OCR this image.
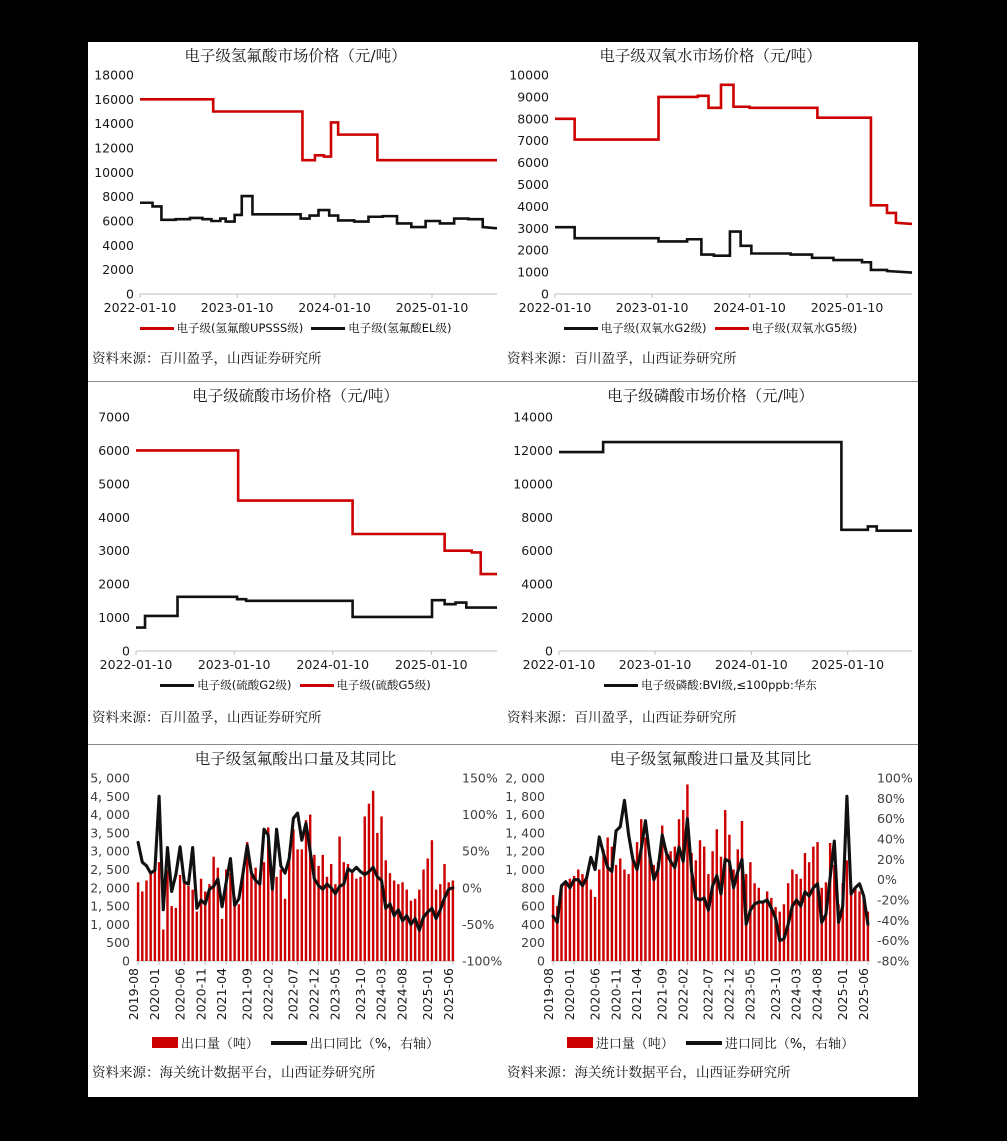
电子级氢氟酸市场价格（元/吨）
0
2000
4000
6000
8000
10000
12000
14000
16000
18000
2022-01-10 2023-01-10 2024-01-10 2025-01-10
电子级(氢氟酸UPSSS级)	电子级(氢氟酸EL级)
资料来源：百川盈孚，山西证券研究所
电子级双氧水市场价格（元/吨）
0
1000
2000
3000
4000
5000
6000
7000
8000
9000
10000
2022-01-10 2023-01-10 2024-01-10 2025-01-10
电子级(双氧水G2级)	电子级(双氧水G5级)
资料来源：百川盈孚，山西证券研究所
电子级硫酸市场价格（元/吨）
0
1000
2000
3000
4000
5000
6000
7000
2022-01-10 2023-01-10 2024-01-10 2025-01-10
电子级(硫酸G2级)	电子级(硫酸G5级)
资料来源：百川盈孚，山西证券研究所
电子级磷酸市场价格（元/吨）
0
2000
4000
6000
8000
10000
12000
14000
2022-01-10 2023-01-10 2024-01-10 2025-01-10
电子级磷酸:BVI级,≤100ppb:华东
资料来源：百川盈孚，山西证券研究所
电子级氢氟酸出口量及其同比
0
500
1, 000
1, 500
2, 000
2, 500
3, 000
3, 500
4, 000
4, 500
5, 000
-100%
-50%
0%
50%
100%
150%
2019-08 2020-01 2020-06 2020-11 2021-04 2021-09 2022-02 2022-07 2022-12 2023-05 2023-10 2024-03 2024-08 2025-01 2025-06
出口量（吨）	出口同比（%，右轴）
资料来源：海关统计数据平台，山西证券研究所
电子级氢氟酸进口量及其同比
0
200
400
600
800
1, 000
1, 200
1, 400
1, 600
1, 800
2, 000
-80%
-60%
-40%
-20%
0%
20%
40%
60%
80%
100%
2019-08 2020-01 2020-06 2020-11 2021-04 2021-09 2022-02 2022-07 2022-12 2023-05 2023-10 2024-03 2024-08 2025-01 2025-06
进口量（吨）	进口同比（%，右轴）
资料来源：海关统计数据平台，山西证券研究所
